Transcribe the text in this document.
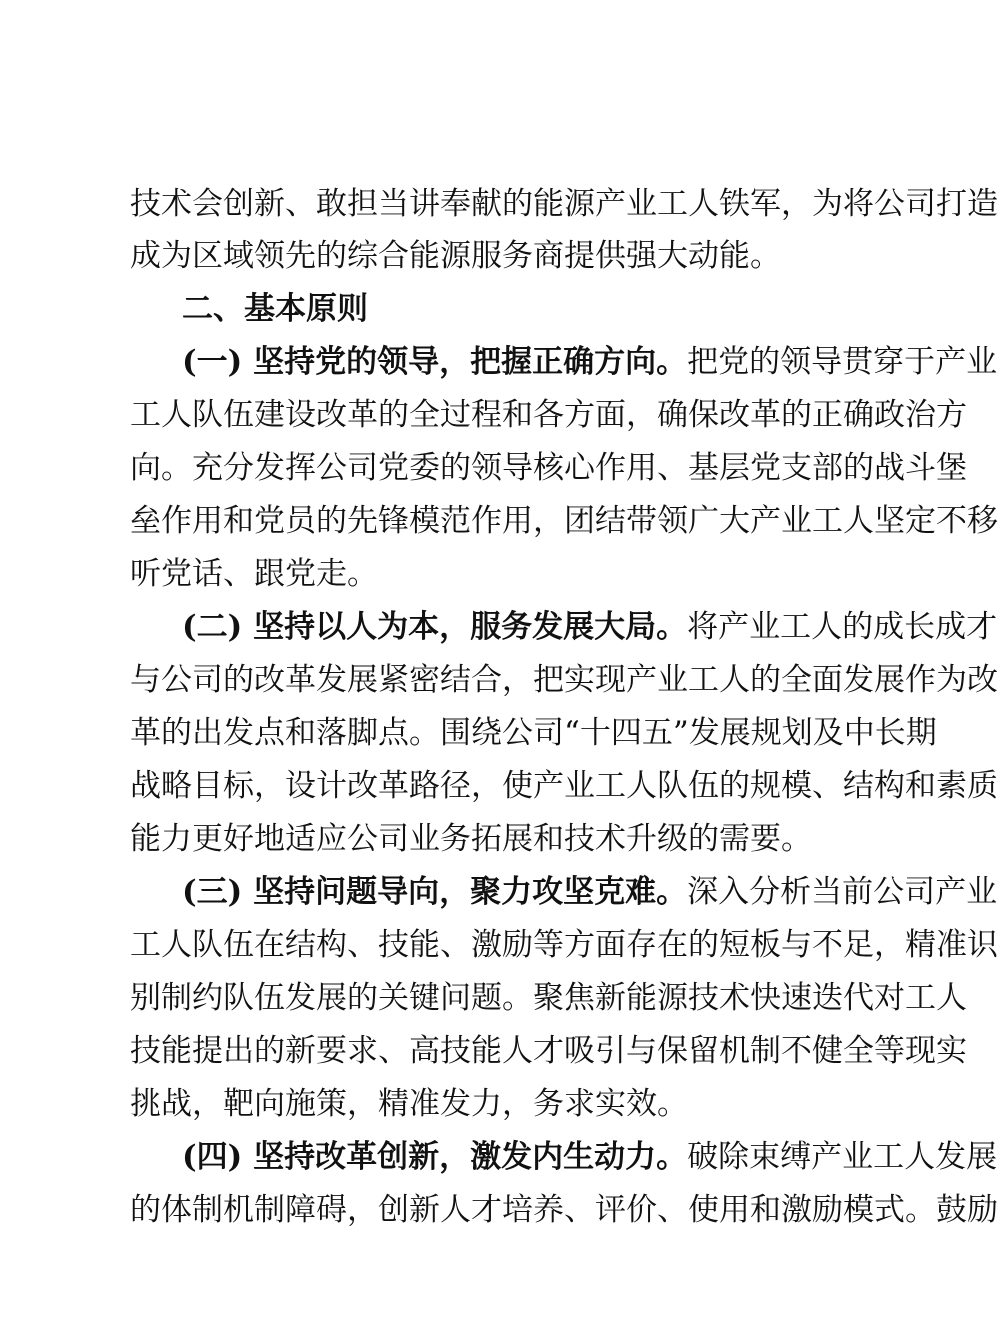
技术会创新、敢担当讲奉献的能源产业工人铁军，为将公司打造
成为区域领先的综合能源服务商提供强大动能。
二、基本原则
(一) 坚持党的领导，把握正确方向。把党的领导贯穿于产业
工人队伍建设改革的全过程和各方面，确保改革的正确政治方
向。充分发挥公司党委的领导核心作用、基层党支部的战斗堡
垒作用和党员的先锋模范作用，团结带领广大产业工人坚定不移
听党话、跟党走。
(二) 坚持以人为本，服务发展大局。将产业工人的成长成才
与公司的改革发展紧密结合，把实现产业工人的全面发展作为改
革的出发点和落脚点。围绕公司“十四五”发展规划及中长期
战略目标，设计改革路径，使产业工人队伍的规模、结构和素质
能力更好地适应公司业务拓展和技术升级的需要。
(三) 坚持问题导向，聚力攻坚克难。深入分析当前公司产业
工人队伍在结构、技能、激励等方面存在的短板与不足，精准识
别制约队伍发展的关键问题。聚焦新能源技术快速迭代对工人
技能提出的新要求、高技能人才吸引与保留机制不健全等现实
挑战，靶向施策，精准发力，务求实效。
(四) 坚持改革创新，激发内生动力。破除束缚产业工人发展
的体制机制障碍，创新人才培养、评价、使用和激励模式。鼓励
